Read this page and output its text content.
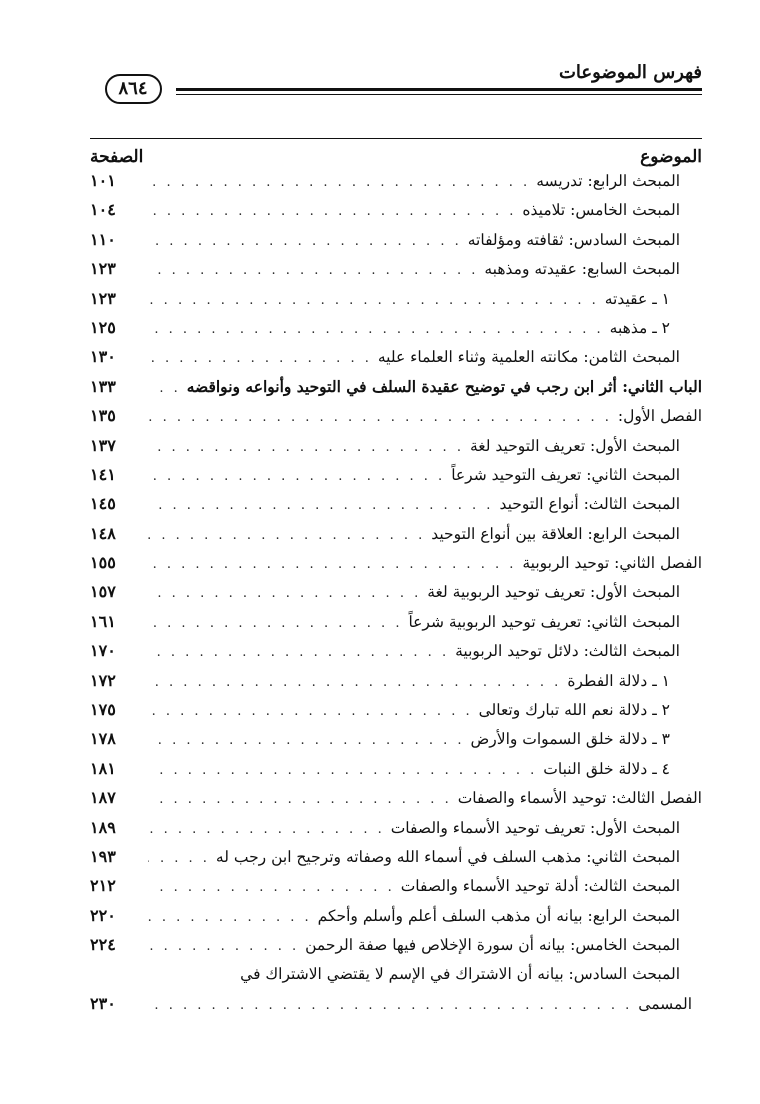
فهرس الموضوعات
٨٦٤
الموضوع
الصفحة
المبحث الرابع: تدريسه
. . .
١٠١
المبحث الخامس: تلاميذه
. . .
١٠٤
المبحث السادس: ثقافته ومؤلفاته
. . .
١١٠
المبحث السابع: عقيدته ومذهبه
. . .
١٢٣
١ ـ عقيدته
. . .
١٢٣
٢ ـ مذهبه
. . .
١٢٥
المبحث الثامن: مكانته العلمية وثناء العلماء عليه
. . .
١٣٠
الباب الثاني: أثر ابن رجب في توضيح عقيدة السلف في التوحيد وأنواعه ونواقضه
. . .
١٣٣
الفصل الأول:
. . .
١٣٥
المبحث الأول: تعريف التوحيد لغة
. . .
١٣٧
المبحث الثاني: تعريف التوحيد شرعاً
. . .
١٤١
المبحث الثالث: أنواع التوحيد
. . .
١٤٥
المبحث الرابع: العلاقة بين أنواع التوحيد
. . .
١٤٨
الفصل الثاني: توحيد الربوبية
. . .
١٥٥
المبحث الأول: تعريف توحيد الربوبية لغة
. . .
١٥٧
المبحث الثاني: تعريف توحيد الربوبية شرعاً
. . .
١٦١
المبحث الثالث: دلائل توحيد الربوبية
. . .
١٧٠
١ ـ دلالة الفطرة
. . .
١٧٢
٢ ـ دلالة نعم الله تبارك وتعالى
. . .
١٧٥
٣ ـ دلالة خلق السموات والأرض
. . .
١٧٨
٤ ـ دلالة خلق النبات
. . .
١٨١
الفصل الثالث: توحيد الأسماء والصفات
. . .
١٨٧
المبحث الأول: تعريف توحيد الأسماء والصفات
. . .
١٨٩
المبحث الثاني: مذهب السلف في أسماء الله وصفاته وترجيح ابن رجب له
. . .
١٩٣
المبحث الثالث: أدلة توحيد الأسماء والصفات
. . .
٢١٢
المبحث الرابع: بيانه أن مذهب السلف أعلم وأسلم وأحكم
. . .
٢٢٠
المبحث الخامس: بيانه أن سورة الإخلاص فيها صفة الرحمن
. . .
٢٢٤
المبحث السادس: بيانه أن الاشتراك في الإسم لا يقتضي الاشتراك في
المسمى
. . .
٢٣٠
